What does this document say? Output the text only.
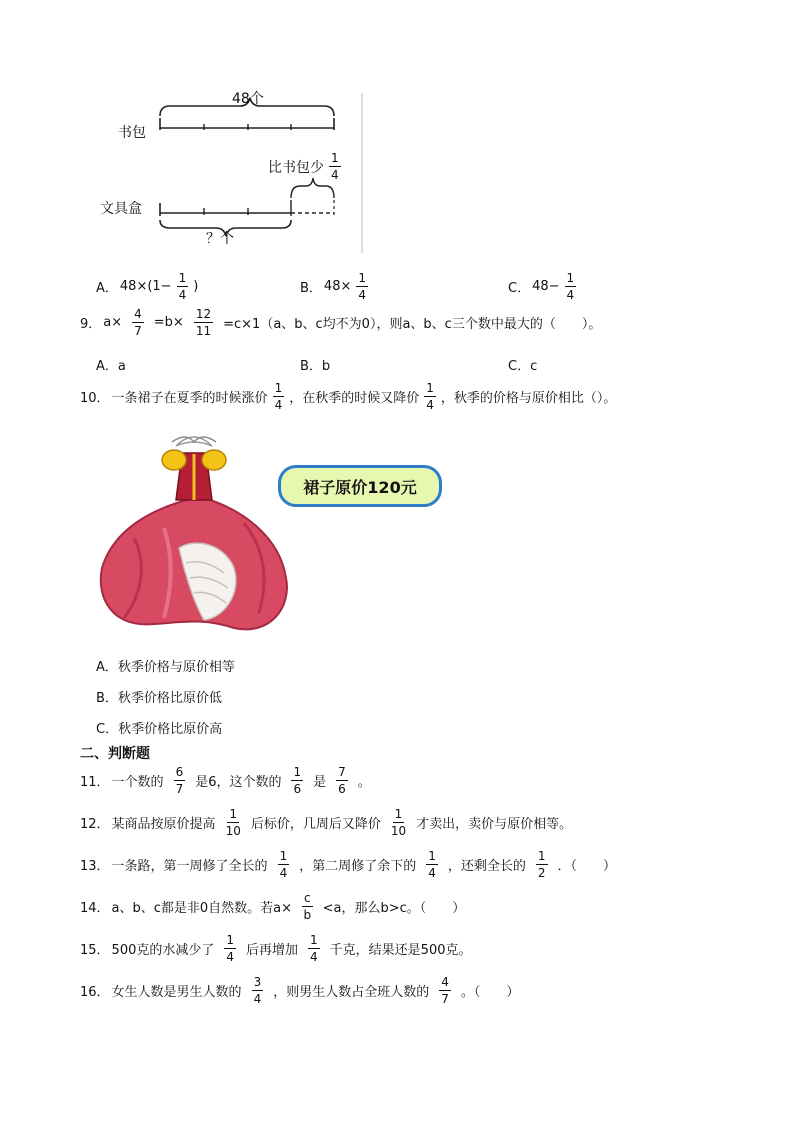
48个
书包
比书包少 $\frac{1}{4}$
文具盒
？个
A． $48\times(1- \frac{1}{4}$ )	B． $48\times \frac{1}{4}$	C． $48- \frac{1}{4}$
9． $a\times \frac{4}{7} =b\times \frac{12}{11} =c\times 1(a$、b、c均不为0），则a、b、c三个数中最大的（　　）。
A．a	B．b	C．c
10． 一条裙子在夏季的时候涨价 $\frac{1}{4}$ ，在秋季的时候又降价 $\frac{1}{4}$ ，秋季的价格与原价相比（）。
裙子原价120元
A．秋季价格与原价相等
B．秋季价格比原价低
C．秋季价格比原价高
二、判断题
11． 一个数的 $\frac{6}{7}$ 是6，这个数的 $\frac{1}{6}$ 是 $\frac{7}{6}$ 。
12． 某商品按原价提高 $\frac{1}{10}$ 后标价，几周后又降价 $\frac{1}{10}$ 才卖出，卖价与原价相等。
13． 一条路，第一周修了全长的 $\frac{1}{4}$ ，第二周修了余下的 $\frac{1}{4}$ ，还剩全长的 $\frac{1}{2}$ ．（　　）
14． a、b、c都是非0自然数。若$a\times \frac{c}{b} <a$，那么b>c。（　　）
15． 500克的水减少了 $\frac{1}{4}$ 后再增加 $\frac{1}{4}$ 千克，结果还是500克。
16． 女生人数是男生人数的 $\frac{3}{4}$ ，则男生人数占全班人数的 $\frac{4}{7}$ 。（　　）
